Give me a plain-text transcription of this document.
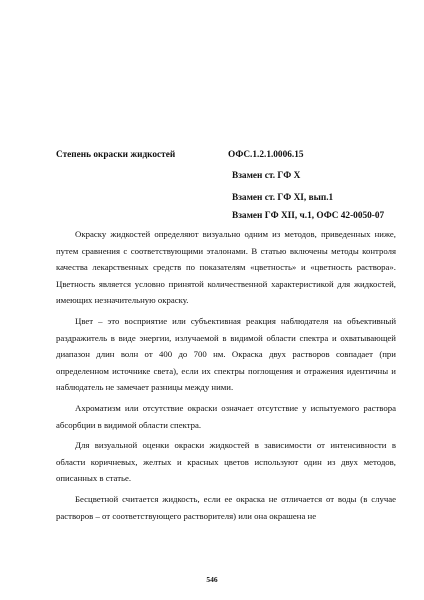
Степень окраски жидкостей	ОФС.1.2.1.0006.15
Взамен ст. ГФ X
Взамен ст. ГФ XI, вып.1
Взамен ГФ XII, ч.1, ОФС 42-0050-07

Окраску жидкостей определяют визуально одним из методов, приведенных ниже, путем сравнения с соответствующими эталонами. В статью включены методы контроля качества лекарственных средств по показателям «цветность» и «цветность раствора». Цветность является условно принятой количественной характеристикой для жидкостей, имеющих незначительную окраску.

Цвет – это восприятие или субъективная реакция наблюдателя на объективный раздражитель в виде энергии, излучаемой в видимой области спектра и охватывающей диапазон длин волн от 400 до 700 нм. Окраска двух растворов совпадает (при определенном источнике света), если их спектры поглощения и отражения идентичны и наблюдатель не замечает разницы между ними.

Ахроматизм или отсутствие окраски означает отсутствие у испытуемого раствора абсорбции в видимой области спектра.

Для визуальной оценки окраски жидкостей в зависимости от интенсивности в области коричневых, желтых и красных цветов используют один из двух методов, описанных в статье.

Бесцветной считается жидкость, если ее окраска не отличается от воды (в случае растворов – от соответствующего растворителя) или она окрашена не

546
